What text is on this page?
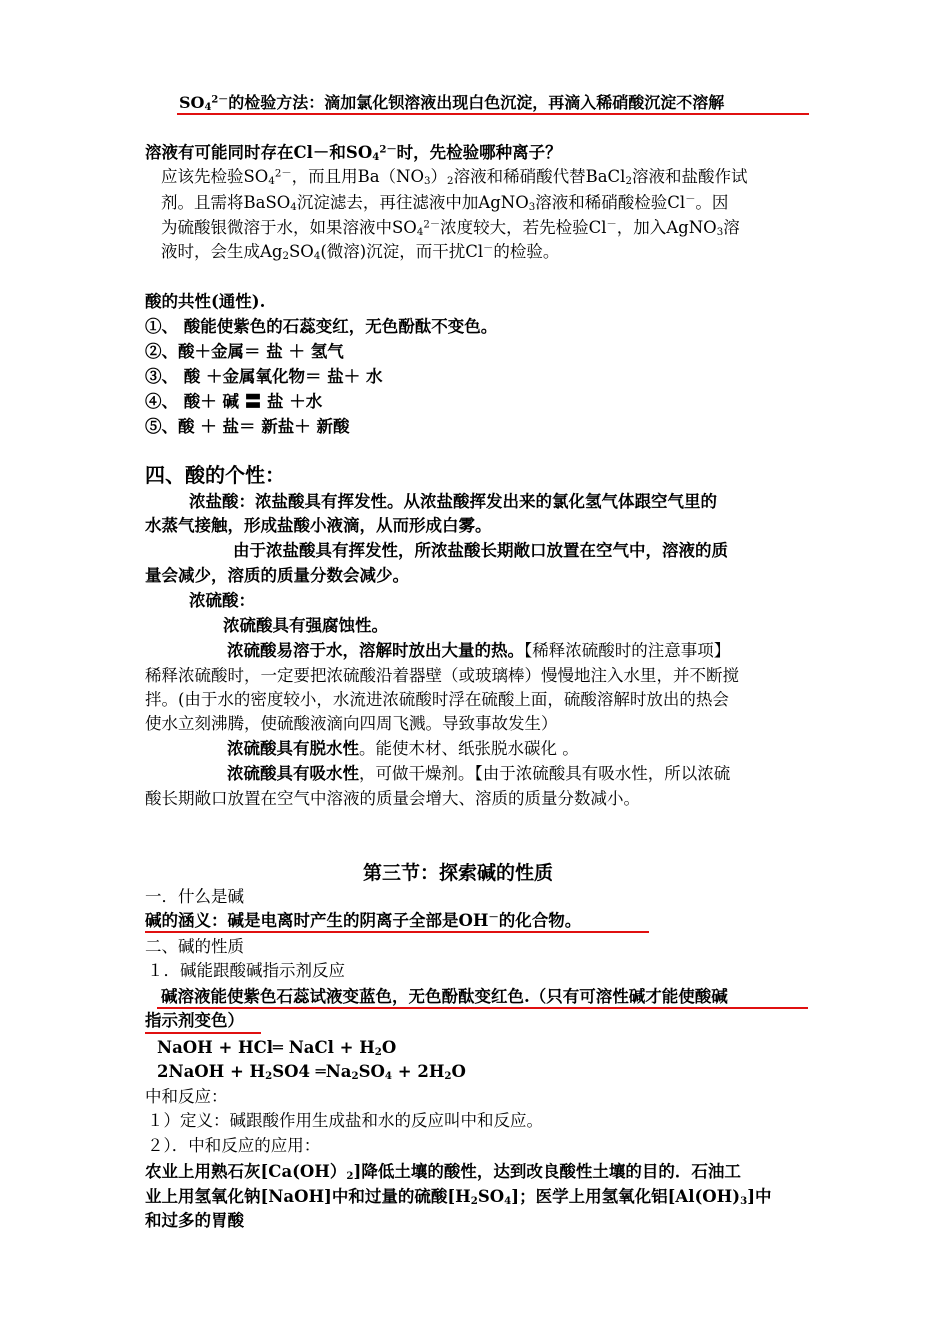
$SO_4^{2-}$的检验方法：滴加氯化钡溶液出现白色沉淀，再滴入稀硝酸沉淀不溶解
溶液有可能同时存在Cl－和$SO_4^{2-}$时，先检验哪种离子？
应该先检验$SO_4^{2-}$，而且用$Ba(NO_3)_2$溶液和稀硝酸代替BaCl$_2$溶液和盐酸作试
剂。且需将BaSO$_4$沉淀滤去，再往滤液中加AgNO$_3$溶液和稀硝酸检验Cl－。因
为硫酸银微溶于水，如果溶液中$SO_4^{2-}$浓度较大，若先检验Cl－，加入AgNO$_3$溶
液时，会生成$Ag_2SO_4$(微溶)沉淀，而干扰Cl－的检验。
酸的共性(通性).
①、 酸能使紫色的石蕊变红，无色酚酞不变色。
②、酸＋金属＝ 盐 ＋ 氢气
③、 酸 ＋金属氧化物＝ 盐＋ 水
④、 酸＋ 碱 〓 盐 ＋水
⑤、酸 ＋ 盐＝ 新盐＋ 新酸
四、酸的个性：
浓盐酸：浓盐酸具有挥发性。从浓盐酸挥发出来的氯化氢气体跟空气里的
水蒸气接触，形成盐酸小液滴，从而形成白雾。
由于浓盐酸具有挥发性，所浓盐酸长期敞口放置在空气中，溶液的质
量会减少，溶质的质量分数会减少。
浓硫酸：
浓硫酸具有强腐蚀性。
浓硫酸易溶于水，溶解时放出大量的热。【稀释浓硫酸时的注意事项】
稀释浓硫酸时，一定要把浓硫酸沿着器壁（或玻璃棒）慢慢地注入水里，并不断搅
拌。(由于水的密度较小，水流进浓硫酸时浮在硫酸上面，硫酸溶解时放出的热会
使水立刻沸腾，使硫酸液滴向四周飞溅。导致事故发生）
浓硫酸具有脱水性。能使木材、纸张脱水碳化 。
浓硫酸具有吸水性，可做干燥剂。【由于浓硫酸具有吸水性，所以浓硫
酸长期敞口放置在空气中溶液的质量会增大、溶质的质量分数减小。
第三节：探索碱的性质
一．什么是碱
碱的涵义：碱是电离时产生的阴离子全部是OH－的化合物。
二、碱的性质
１．碱能跟酸碱指示剂反应
碱溶液能使紫色石蕊试液变蓝色，无色酚酞变红色.（只有可溶性碱才能使酸碱
指示剂变色）
NaOH + HCl═ NaCl + $H_2O$
2NaOH + $H_2SO4$ $═Na_2SO_4 + 2H_2O$
中和反应：
１）定义：碱跟酸作用生成盐和水的反应叫中和反应。
２）．中和反应的应用：
农业上用熟石灰$[Ca(OH)_2]$降低土壤的酸性，达到改良酸性土壤的目的．石油工
业上用氢氧化钠[NaOH]中和过量的硫酸$[H_2SO_4]$；医学上用氢氧化铝$[Al(OH)_3]$中
和过多的胃酸
